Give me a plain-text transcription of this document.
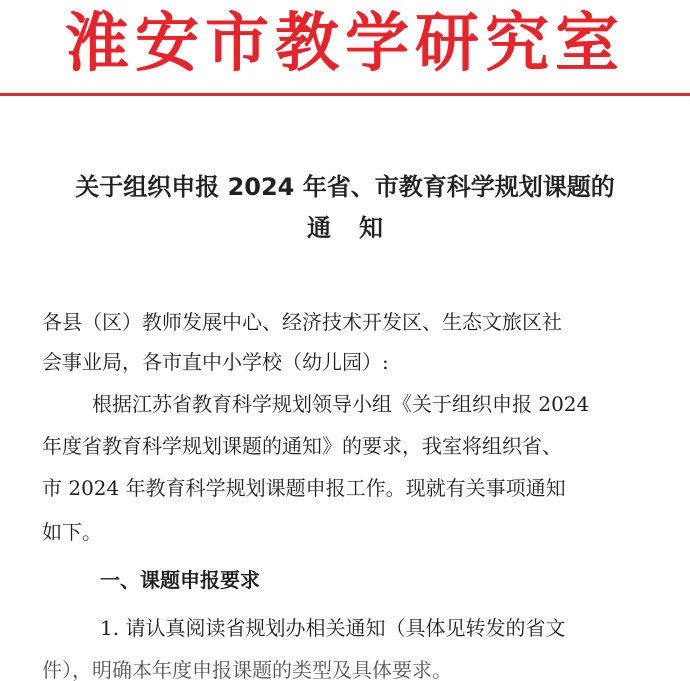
淮安市教学研究室
关于组织申报 2024 年省、市教育科学规划课题的
通知
各县（区）教师发展中心、经济技术开发区、生态文旅区社
会事业局，各市直中小学校（幼儿园）:
根据江苏省教育科学规划领导小组《关于组织申报 2024
年度省教育科学规划课题的通知》的要求，我室将组织省、
市 2024 年教育科学规划课题申报工作。现就有关事项通知
如下。
一、课题申报要求
1. 请认真阅读省规划办相关通知（具体见转发的省文
件），明确本年度申报课题的类型及具体要求。
